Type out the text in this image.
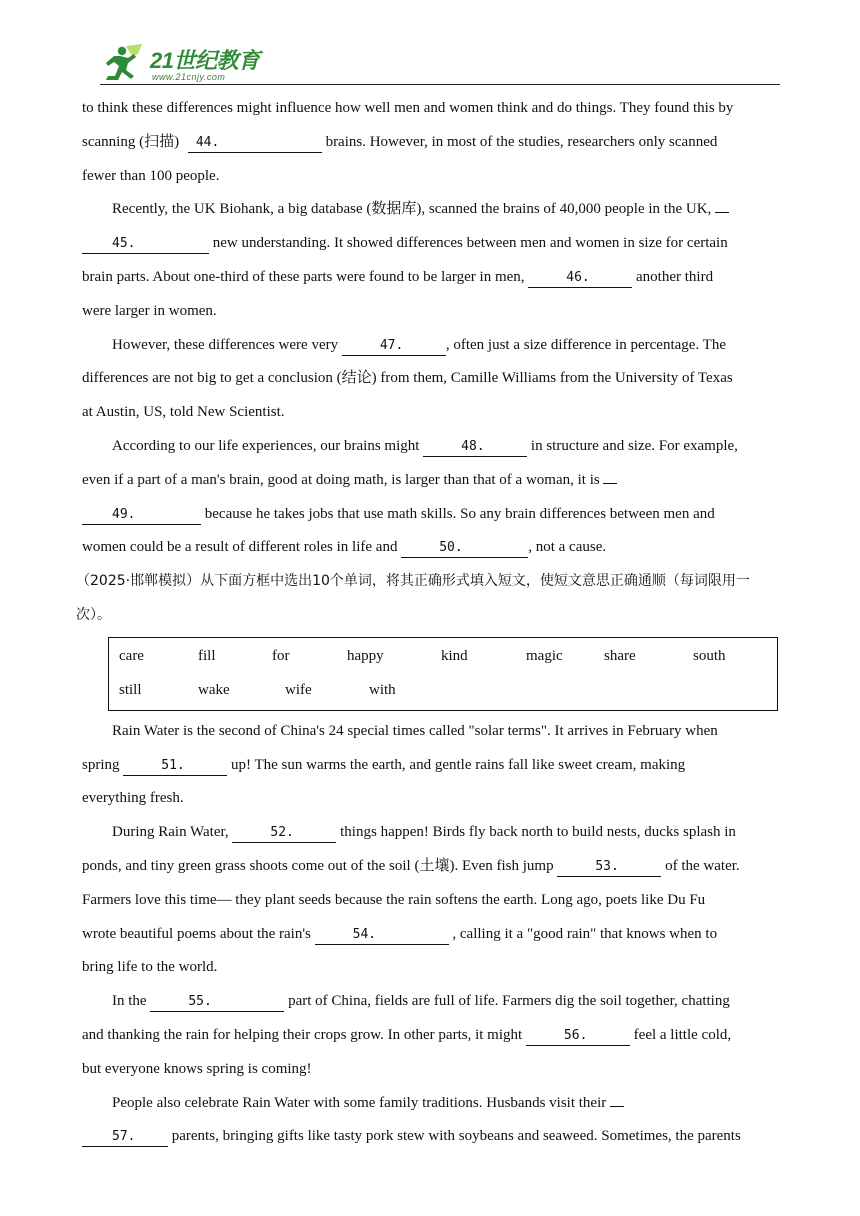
21世纪教育
www.21cnjy.com

to think these differences might influence how well men and women think and do things. They found this by
scanning (扫描) 44.	brains. However, in most of the studies, researchers only scanned
fewer than 100 people.

Recently, the UK Biohank, a big database (数据库), scanned the brains of 40,000 people in the UK,
45.	new understanding. It showed differences between men and women in size for certain
brain parts. About one-third of these parts were found to be larger in men,	46.	another third
were larger in women.

However, these differences were very	47.	, often just a size difference in percentage. The
differences are not big to get a conclusion (结论) from them, Camille Williams from the University of Texas
at Austin, US, told New Scientist.

According to our life experiences, our brains might	48.	in structure and size. For example,
even if a part of a man's brain, good at doing math, is larger than that of a woman, it is
49.	because he takes jobs that use math skills. So any brain differences between men and
women could be a result of different roles in life and	50.	, not a cause.

（2025·邯郸模拟）从下面方框中选出10个单词，将其正确形式填入短文，使短文意思正确通顺（每词限用一次）。

care	fill	for	happy	kind	magic	share	south
still	wake	wife	with

Rain Water is the second of China's 24 special times called "solar terms". It arrives in February when
spring	51.	up! The sun warms the earth, and gentle rains fall like sweet cream, making
everything fresh.

During Rain Water,	52.	things happen! Birds fly back north to build nests, ducks splash in
ponds, and tiny green grass shoots come out of the soil (土壤). Even fish jump	53.	of the water.
Farmers love this time— they plant seeds because the rain softens the earth. Long ago, poets like Du Fu
wrote beautiful poems about the rain's	54.	, calling it a "good rain" that knows when to
bring life to the world.

In the	55.	part of China, fields are full of life. Farmers dig the soil together, chatting
and thanking the rain for helping their crops grow. In other parts, it might	56.	feel a little cold,
but everyone knows spring is coming!

People also celebrate Rain Water with some family traditions. Husbands visit their
57. parents, bringing gifts like tasty pork stew with soybeans and seaweed. Sometimes, the parents
